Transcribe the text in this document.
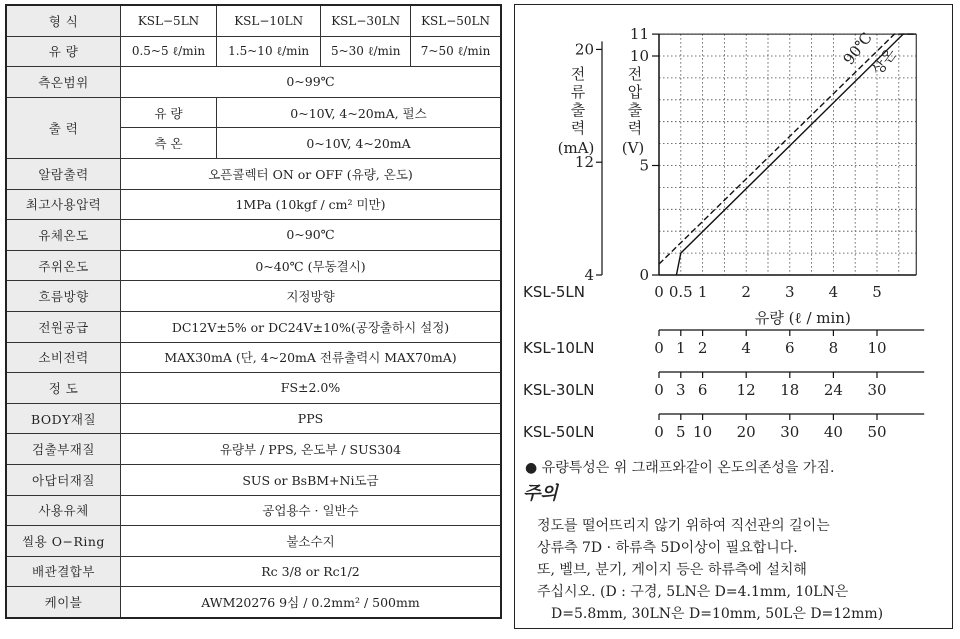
형 식	KSL−5LN	KSL−10LN	KSL−30LN	KSL−50LN
유 량	0.5~5 ℓ/min	1.5~10 ℓ/min	5~30 ℓ/min	7~50 ℓ/min
측온범위	0~99℃			
출 력	유 량	0~10V, 4~20mA, 펄스		
	측 온	0~10V, 4~20mA		
알람출력	오픈콜렉터 ON or OFF (유량, 온도)			
최고사용압력	1MPa (10kgf / cm² 미만)			
유체온도	0~90℃			
주위온도	0~40℃ (무동결시)			
흐름방향	지정방향			
전원공급	DC12V±5% or DC24V±10%(공장출하시 설정)			
소비전력	MAX30mA (단, 4~20mA 전류출력시 MAX70mA)			
정 도	FS±2.0%			
BODY재질	PPS			
검출부재질	유량부 / PPS, 온도부 / SUS304			
아답터재질	SUS or BsBM+Ni도금			
사용유체	공업용수 · 일반수			
씰용 O−Ring	불소수지			
배관결합부	Rc 3/8 or Rc1/2			
케이블	AWM20276 9심 / 0.2mm² / 500mm			
20
12
4
전
류
출
력
(mA)
11
10
5
0
전
압
출
력
(V)
90℃
상온
KSL-5LN	0 0.5 1 2 3 4 5
KSL-10LN	0 1 2 4 6 8 10
KSL-30LN	0 3 6 12 18 24 30
KSL-50LN	0 5 10 20 30 40 50
유량 (ℓ / min)
● 유량특성은 위 그래프와같이 온도의존성을 가짐.
주의
정도를 떨어뜨리지 않기 위하여 직선관의 길이는
상류측 7D · 하류측 5D이상이 필요합니다.
또, 벨브, 분기, 게이지 등은 하류측에 설치해
주십시오. (D : 구경, 5LN은 D=4.1mm, 10LN은
D=5.8mm, 30LN은 D=10mm, 50L은 D=12mm)
